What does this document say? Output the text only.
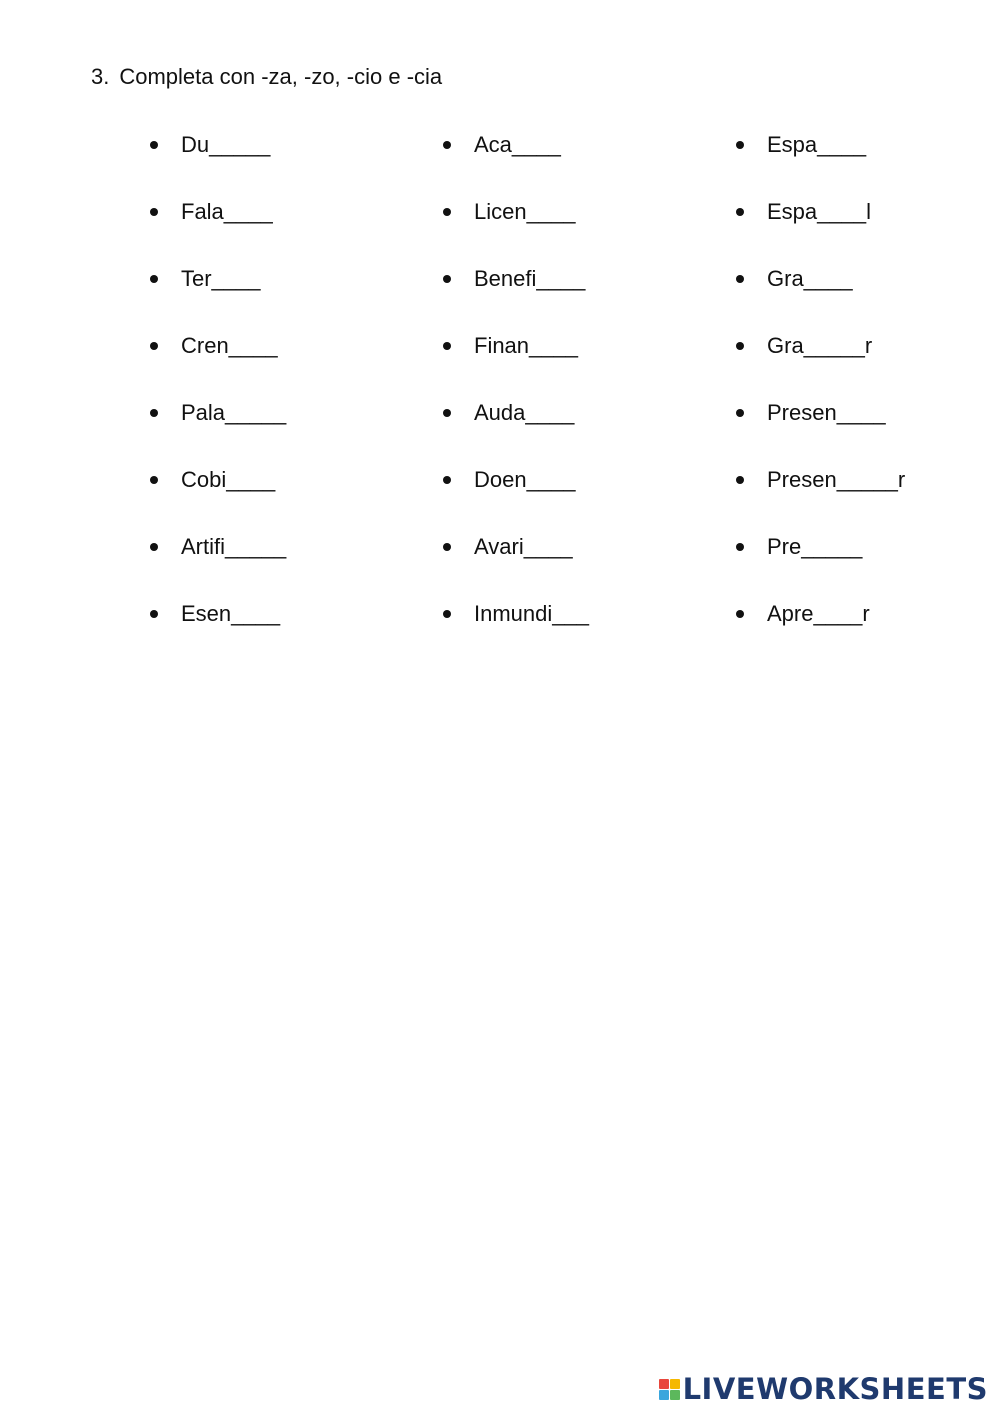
3. Completa con -za, -zo, -cio e -cia
Du_____
Fala____
Ter____
Cren____
Pala_____
Cobi____
Artifi_____
Esen____
Aca____
Licen____
Benefi____
Finan____
Auda____
Doen____
Avari____
Inmundi___
Espa____
Espa____l
Gra____
Gra_____r
Presen____
Presen_____r
Pre_____
Apre____r
LIVEWORKSHEETS
